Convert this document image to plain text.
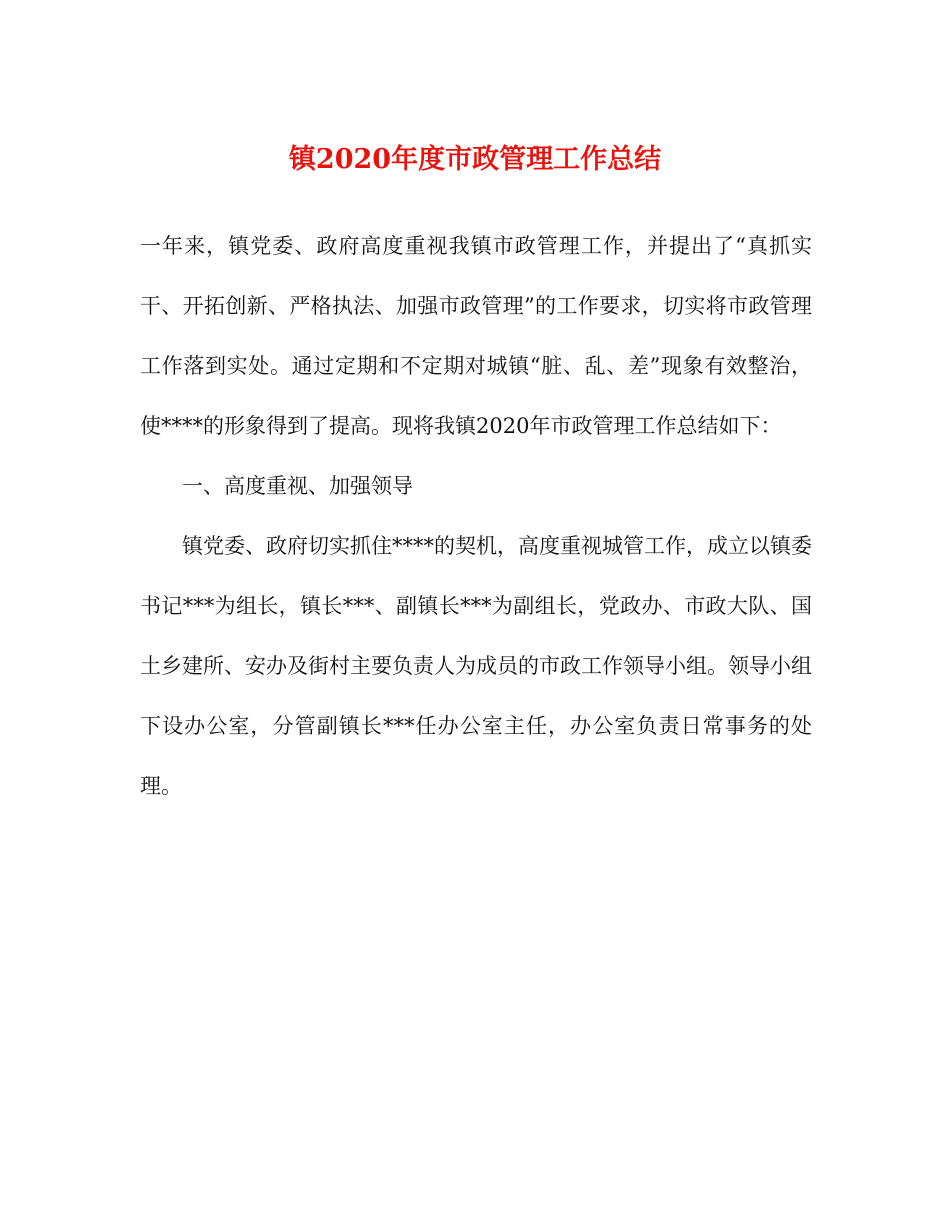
镇2020年度市政管理工作总结

一年来，镇党委、政府高度重视我镇市政管理工作，并提出了“真抓实干、开拓创新、严格执法、加强市政管理”的工作要求，切实将市政管理工作落到实处。通过定期和不定期对城镇“脏、乱、差”现象有效整治，使****的形象得到了提高。现将我镇2020年市政管理工作总结如下：

一、高度重视、加强领导

镇党委、政府切实抓住****的契机，高度重视城管工作，成立以镇委书记***为组长，镇长***、副镇长***为副组长，党政办、市政大队、国土乡建所、安办及街村主要负责人为成员的市政工作领导小组。领导小组下设办公室，分管副镇长***任办公室主任，办公室负责日常事务的处理。
